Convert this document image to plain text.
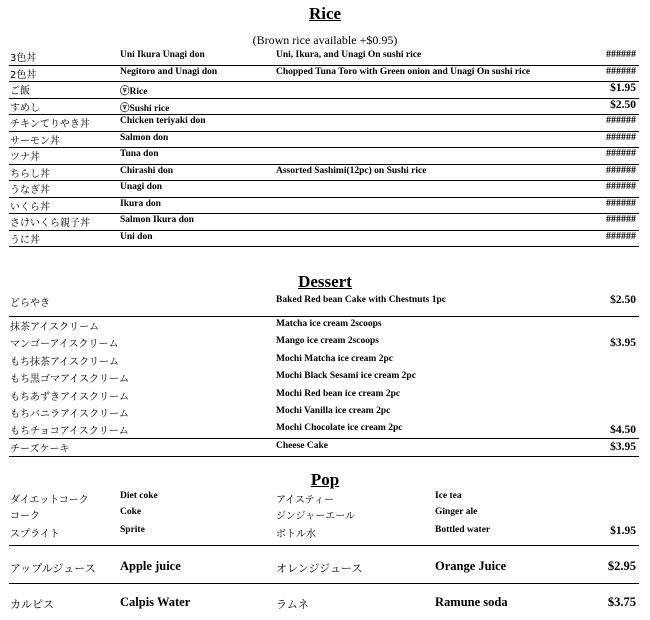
Rice
(Brown rice available +$0.95)
3色丼	Uni Ikura Unagi don	Uni, Ikura, and Unagi On sushi rice	######
2色丼	Negitoro and Unagi don	Chopped Tuna Toro with Green onion and Unagi On sushi rice	######
ご飯	ⓥRice	$1.95
すめし	ⓥSushi rice	$2.50
チキンてりやき丼	Chicken teriyaki don	######
サーモン丼	Salmon don	######
ツナ丼	Tuna don	######
ちらし丼	Chirashi don	Assorted Sashimi(12pc) on Sushi rice	######
うなぎ丼	Unagi don	######
いくら丼	Ikura don	######
さけいくら親子丼	Salmon Ikura don	######
うに丼	Uni don	######
Dessert
どらやき	Baked Red bean Cake with Chestnuts 1pc	$2.50
抹茶アイスクリーム	Matcha ice cream 2scoops
マンゴーアイスクリーム	Mango ice cream 2scoops	$3.95
もち抹茶アイスクリーム	Mochi Matcha ice cream 2pc
もち黒ゴマアイスクリーム	Mochi Black Sesami ice cream 2pc
もちあずきアイスクリーム	Mochi Red bean ice cream 2pc
もちバニラアイスクリーム	Mochi Vanilla ice cream 2pc
もちチョコアイスクリーム	Mochi Chocolate ice cream 2pc	$4.50
チーズケーキ	Cheese Cake	$3.95
Pop
ダイエットコーク	Diet coke	アイスティー	Ice tea
コーク	Coke	ジンジャーエール	Ginger ale
スプライト	Sprite	ボトル水	Bottled water	$1.95
アップルジュース Apple juice	オレンジジュース	Orange Juice	$2.95
カルピス	Calpis Water	ラムネ	Ramune soda	$3.75
